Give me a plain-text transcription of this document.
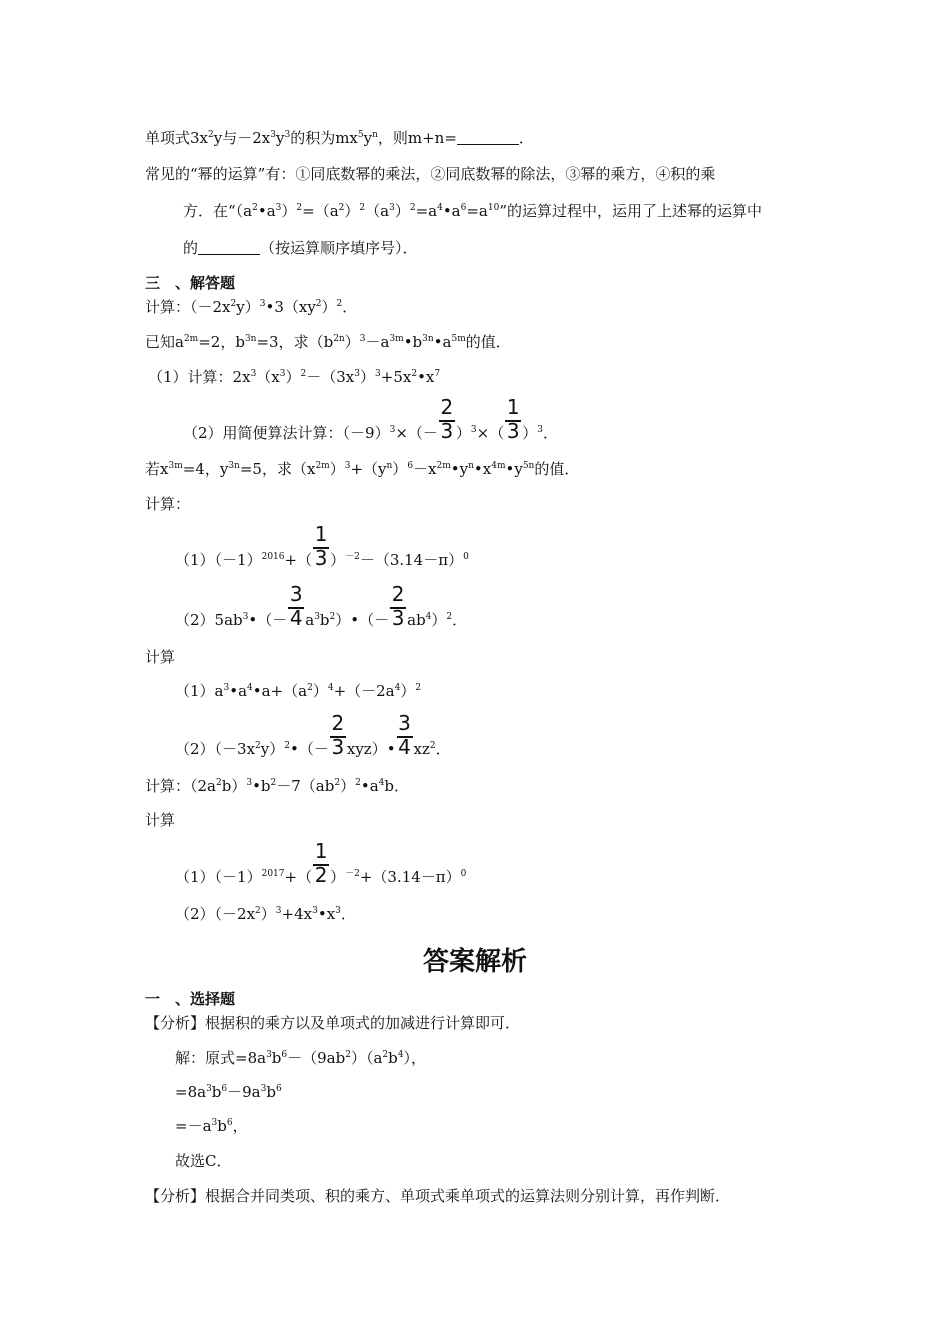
单项式$3x^2y$与$-2x^3y^3$的积为$mx^5y^n$，则m+n=	．
常见的“幂的运算”有：①同底数幂的乘法，②同底数幂的除法，③幂的乘方，④积的乘
方．在“$(a^2•a^3)^2=(a^2)^2(a^3)^2=a^4•a^6=a^{10}$”的运算过程中，运用了上述幂的运算中
的	（按运算顺序填序号）．
三　、解答题
计算：$(-2x^2y)^3•3(xy^2)^2$．
已知$a^{2m}=2$，$b^{3n}=3$，求$(b^{2n})^3-a^{3m}•b^{3n}•a^{5m}$的值．
（1）计算：$2x^3(x^3)^2-(3x^3)^3+5x^2•x^7$
（2）用简便算法计算：$(-9)^3\times(- \frac{2}{3} )^3\times( \frac{1}{3} )^3$．
若$x^{3m}=4$，$y^{3n}=5$，求$(x^{2m})^3+(y^n)^6-x^{2m}•y^n•x^{4m}•y^{5n}$的值．
计算：
$(1)(-1)^{2016}+( \frac{1}{3} )^{-2}-(3.14-\pi)^0$
$(2)5ab^3•(- \frac{3}{4}$ $a^3b^2)•(- \frac{2}{3} ab^4)^2$．
计算
$(1)a^3•a^4•a+(a^2)^4+(-2a^4)^2$
$(2)(-3x^2y)^2•(- \frac{2}{3}$ xyz）• $\frac{3}{4} xz^2$．
计算：$(2a^2b)^3•b^2-7(ab^2)^2•a^4b$．
计算
$(1)(-1)^{2017}+( \frac{1}{2} )^{-2}+(3.14-\pi)^0$
$(2)(-2x^2)^3+4x^3•x^3$．
答案解析
一　、选择题
【分析】根据积的乘方以及单项式的加减进行计算即可．
解：原式$=8a^3b^6-(9ab^2)(a^2b^4)$，
$=8a^3b^6-9a^3b^6$
$=-a^3b^6$，
故选C．
【分析】根据合并同类项、积的乘方、单项式乘单项式的运算法则分别计算，再作判断．
